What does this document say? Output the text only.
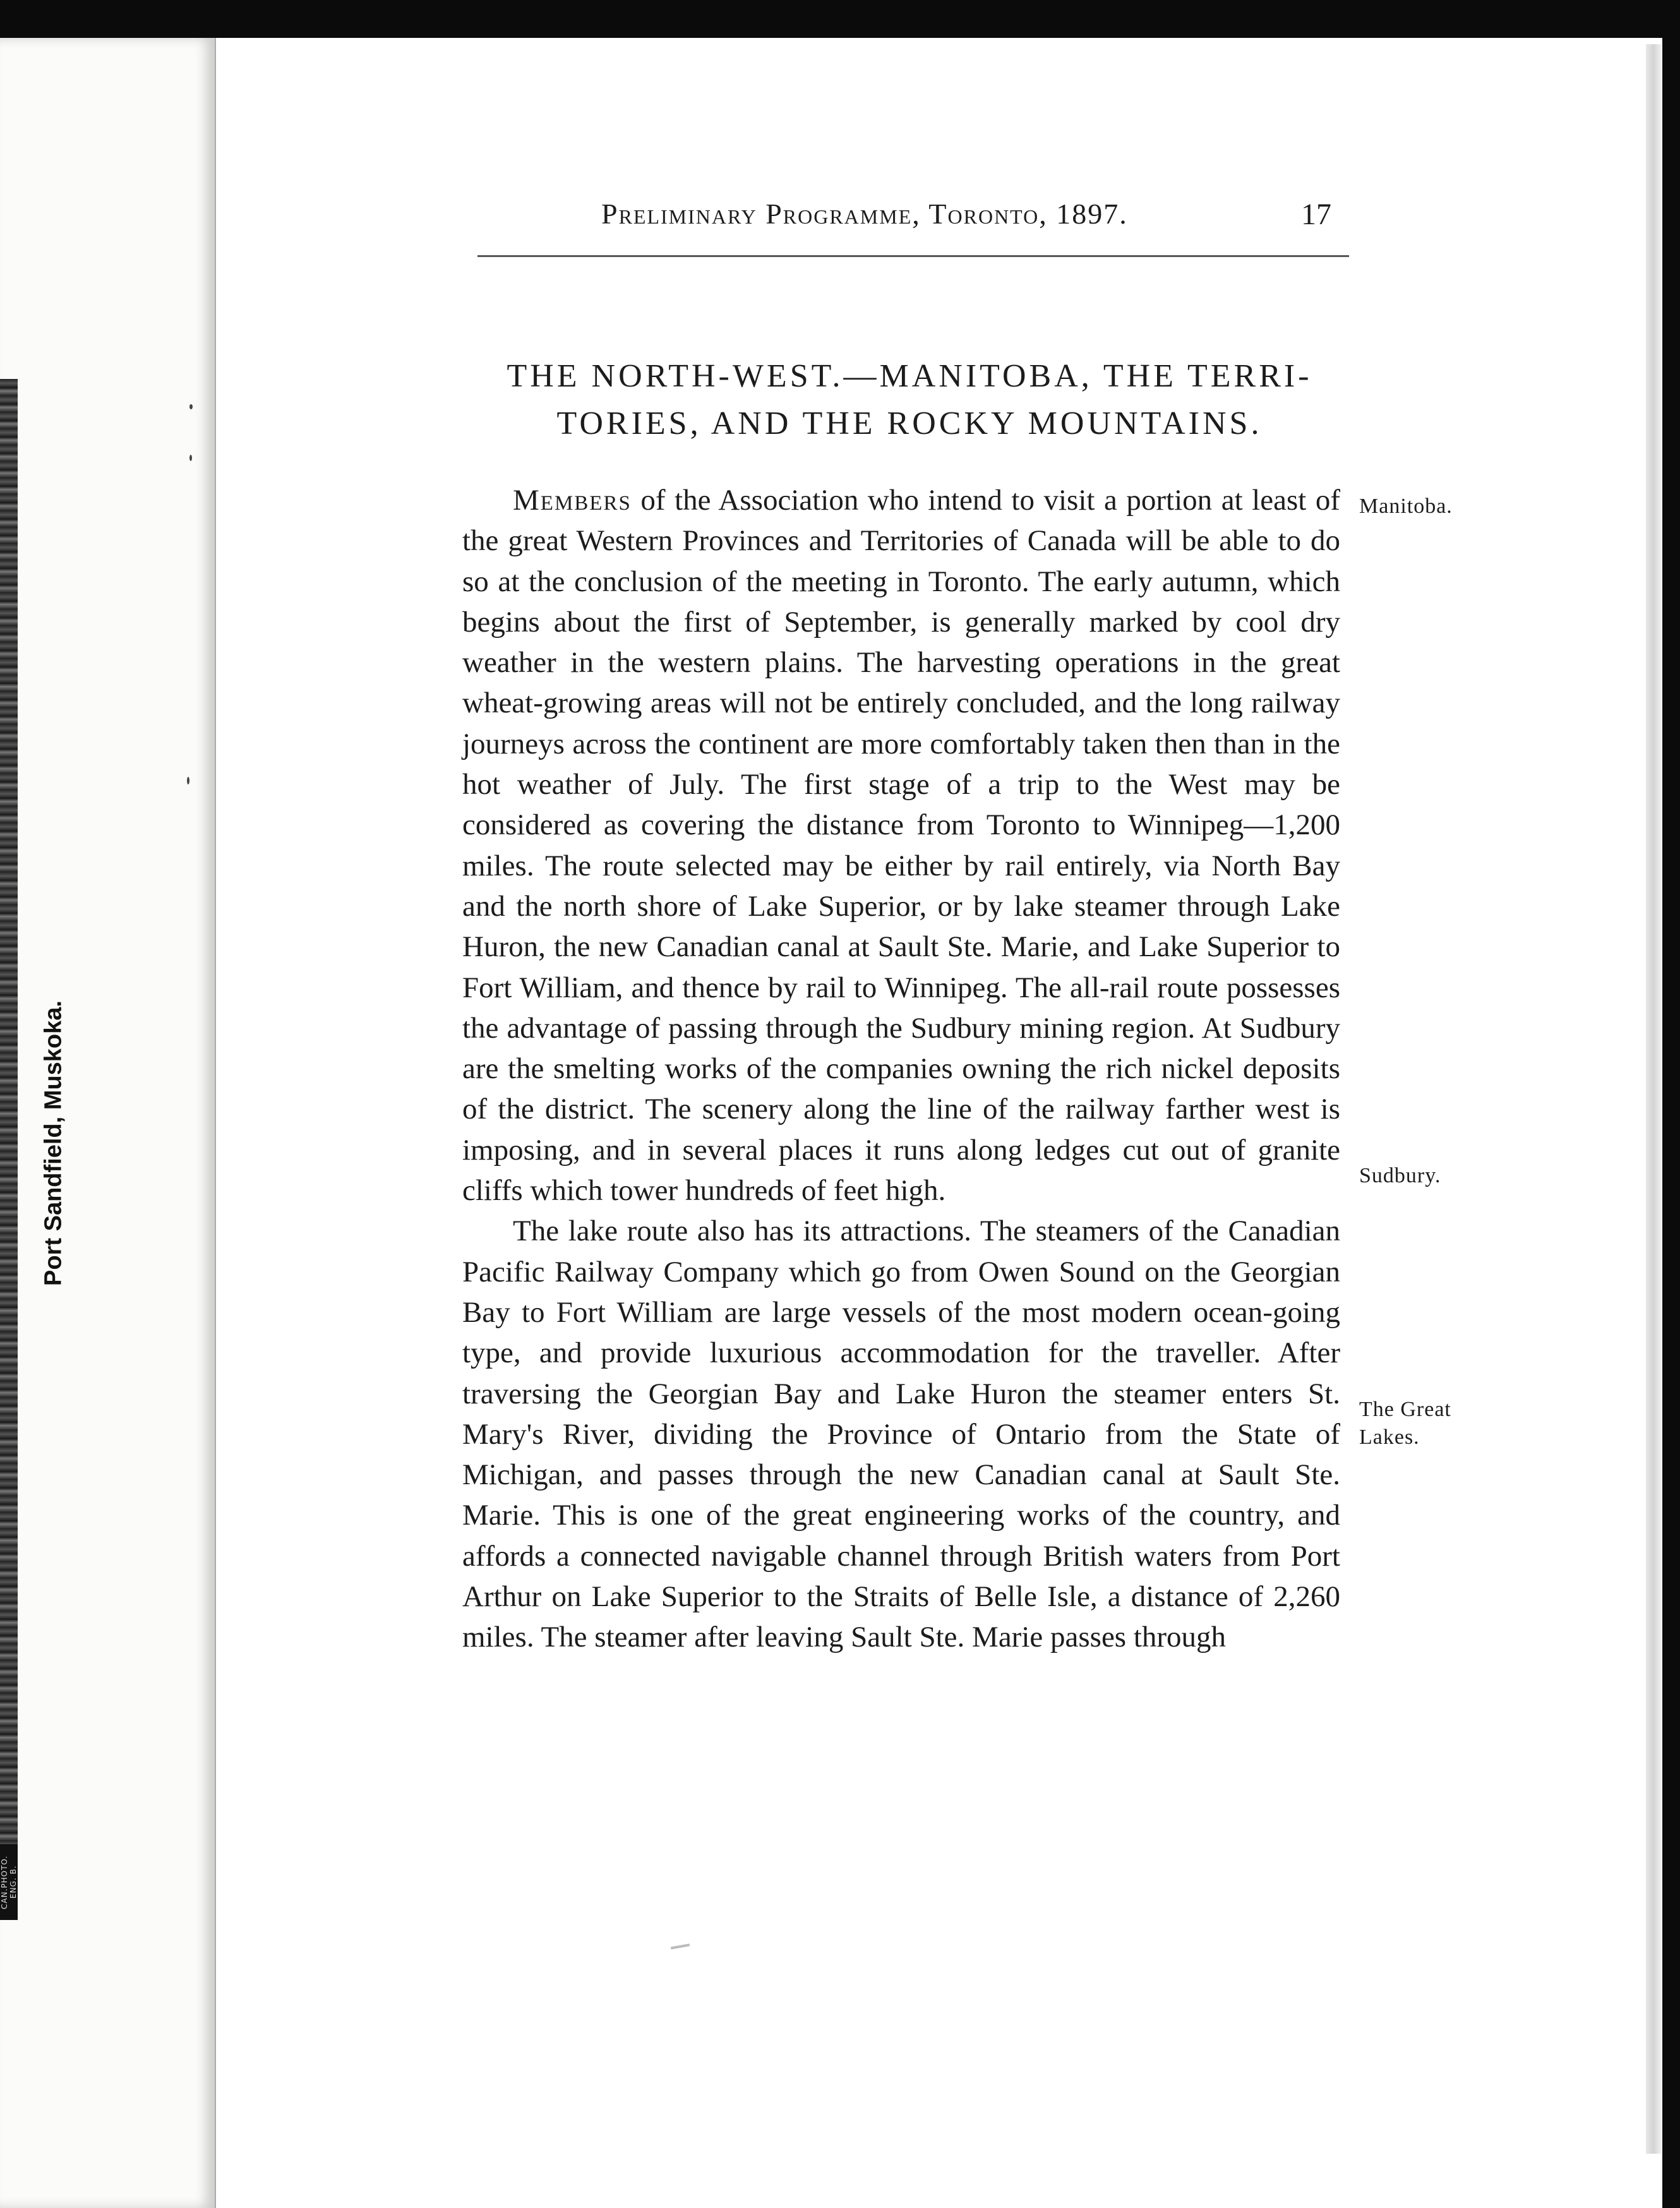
CAN.PHOTO. ENG. B.
Port Sandfield, Muskoka.
Preliminary Programme, Toronto, 1897.	17
THE NORTH-WEST.—MANITOBA, THE TERRI-
TORIES, AND THE ROCKY MOUNTAINS.

Members of the Association who intend to visit a portion at least of the great Western Provinces and Territories of Canada will be able to do so at the conclusion of the meeting in Toronto. The early autumn, which begins about the first of September, is generally marked by cool dry weather in the western plains. The harvesting operations in the great wheat-growing areas will not be entirely concluded, and the long railway journeys across the continent are more comfortably taken then than in the hot weather of July. The first stage of a trip to the West may be considered as covering the distance from Toronto to Winnipeg—1,200 miles. The route selected may be either by rail entirely, via North Bay and the north shore of Lake Superior, or by lake steamer through Lake Huron, the new Canadian canal at Sault Ste. Marie, and Lake Superior to Fort William, and thence by rail to Winnipeg. The all-rail route possesses the advantage of passing through the Sudbury mining region. At Sudbury are the smelting works of the companies owning the rich nickel deposits of the district. The scenery along the line of the railway farther west is imposing, and in several places it runs along ledges cut out of granite cliffs which tower hundreds of feet high.

The lake route also has its attractions. The steamers of the Canadian Pacific Railway Company which go from Owen Sound on the Georgian Bay to Fort William are large vessels of the most modern ocean-going type, and provide luxurious accommodation for the traveller. After traversing the Georgian Bay and Lake Huron the steamer enters St. Mary's River, dividing the Province of Ontario from the State of Michigan, and passes through the new Canadian canal at Sault Ste. Marie. This is one of the great engineering works of the country, and affords a connected navigable channel through British waters from Port Arthur on Lake Superior to the Straits of Belle Isle, a distance of 2,260 miles. The steamer after leaving Sault Ste. Marie passes through

Manitoba.
Sudbury.
The Great
Lakes.
